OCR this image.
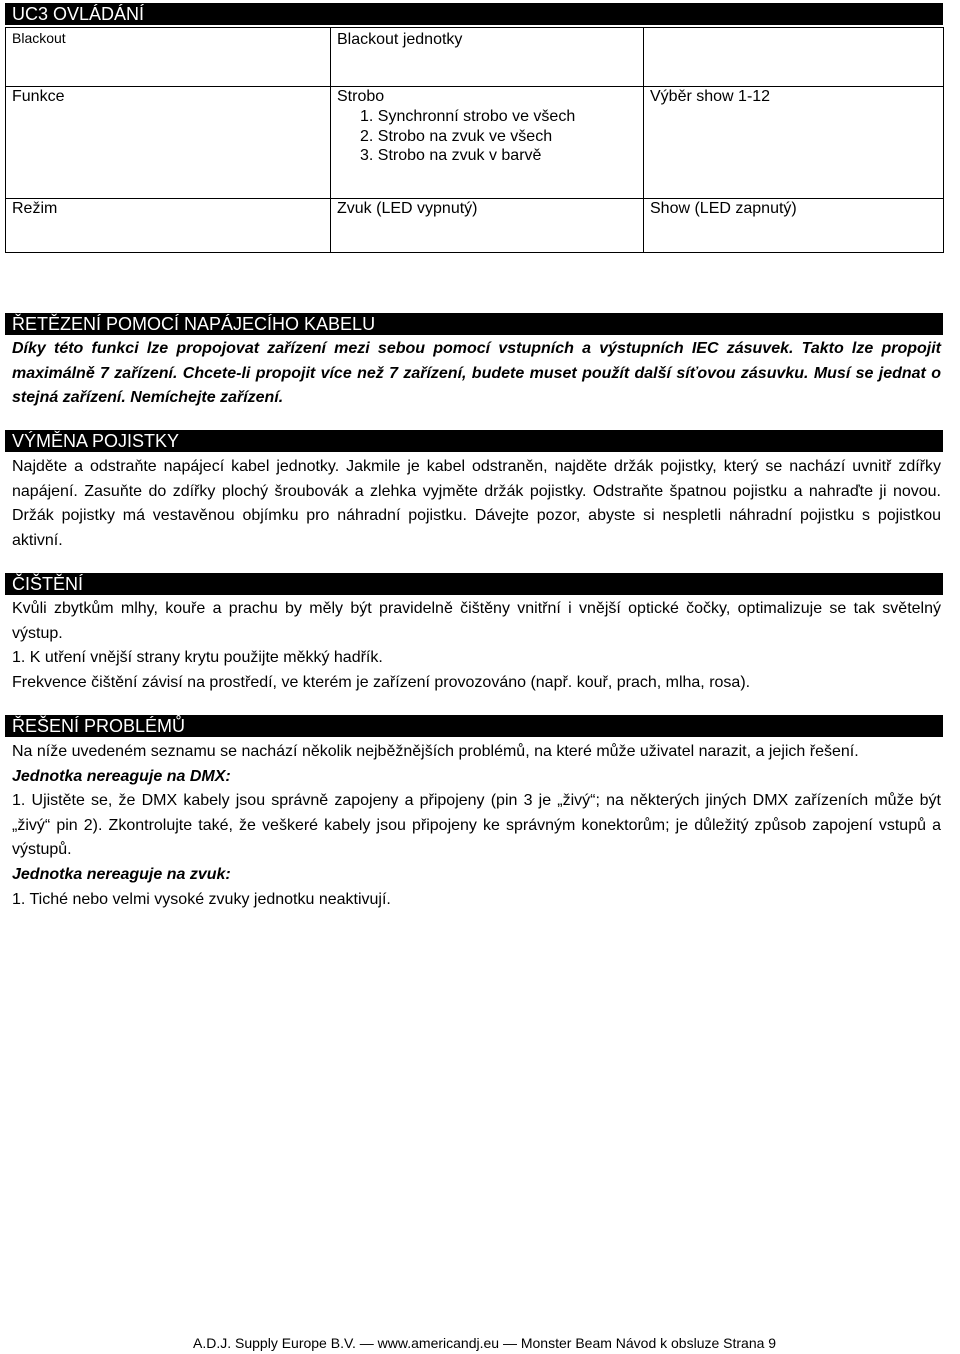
UC3 OVLÁDÁNÍ
Blackout	Blackout jednotky	

Funkce	Strobo
1. Synchronní strobo ve všech
2. Strobo na zvuk ve všech
3. Strobo na zvuk v barvě	Výběr show 1-12

Režim	Zvuk (LED vypnutý)	Show (LED zapnutý)
ŘETĚZENÍ POMOCÍ NAPÁJECÍHO KABELU

Díky této funkci lze propojovat zařízení mezi sebou pomocí vstupních a výstupních IEC zásuvek. Takto lze propojit maximálně 7 zařízení. Chcete-li propojit více než 7 zařízení, budete muset použít další síťovou zásuvku. Musí se jednat o stejná zařízení. Nemíchejte zařízení.

VÝMĚNA POJISTKY

Najděte a odstraňte napájecí kabel jednotky. Jakmile je kabel odstraněn, najděte držák pojistky, který se nachází uvnitř zdířky napájení. Zasuňte do zdířky plochý šroubovák a zlehka vyjměte držák pojistky. Odstraňte špatnou pojistku a nahraďte ji novou. Držák pojistky má vestavěnou objímku pro náhradní pojistku. Dávejte pozor, abyste si nespletli náhradní pojistku s pojistkou aktivní.

ČIŠTĚNÍ
Kvůli zbytkům mlhy, kouře a prachu by měly být pravidelně čištěny vnitřní i vnější optické čočky, optimalizuje se tak světelný výstup.
1. K utření vnější strany krytu použijte měkký hadřík.
Frekvence čištění závisí na prostředí, ve kterém je zařízení provozováno (např. kouř, prach, mlha, rosa).
ŘEŠENÍ PROBLÉMŮ
Na níže uvedeném seznamu se nachází několik nejběžnějších problémů, na které může uživatel narazit, a jejich řešení.
Jednotka nereaguje na DMX:
1. Ujistěte se, že DMX kabely jsou správně zapojeny a připojeny (pin 3 je „živý“; na některých jiných DMX zařízeních může být „živý“ pin 2). Zkontrolujte také, že veškeré kabely jsou připojeny ke správným konektorům; je důležitý způsob zapojení vstupů a výstupů.
Jednotka nereaguje na zvuk:
1. Tiché nebo velmi vysoké zvuky jednotku neaktivují.
A.D.J. Supply Europe B.V. — www.americandj.eu — Monster Beam Návod k obsluze Strana 9
